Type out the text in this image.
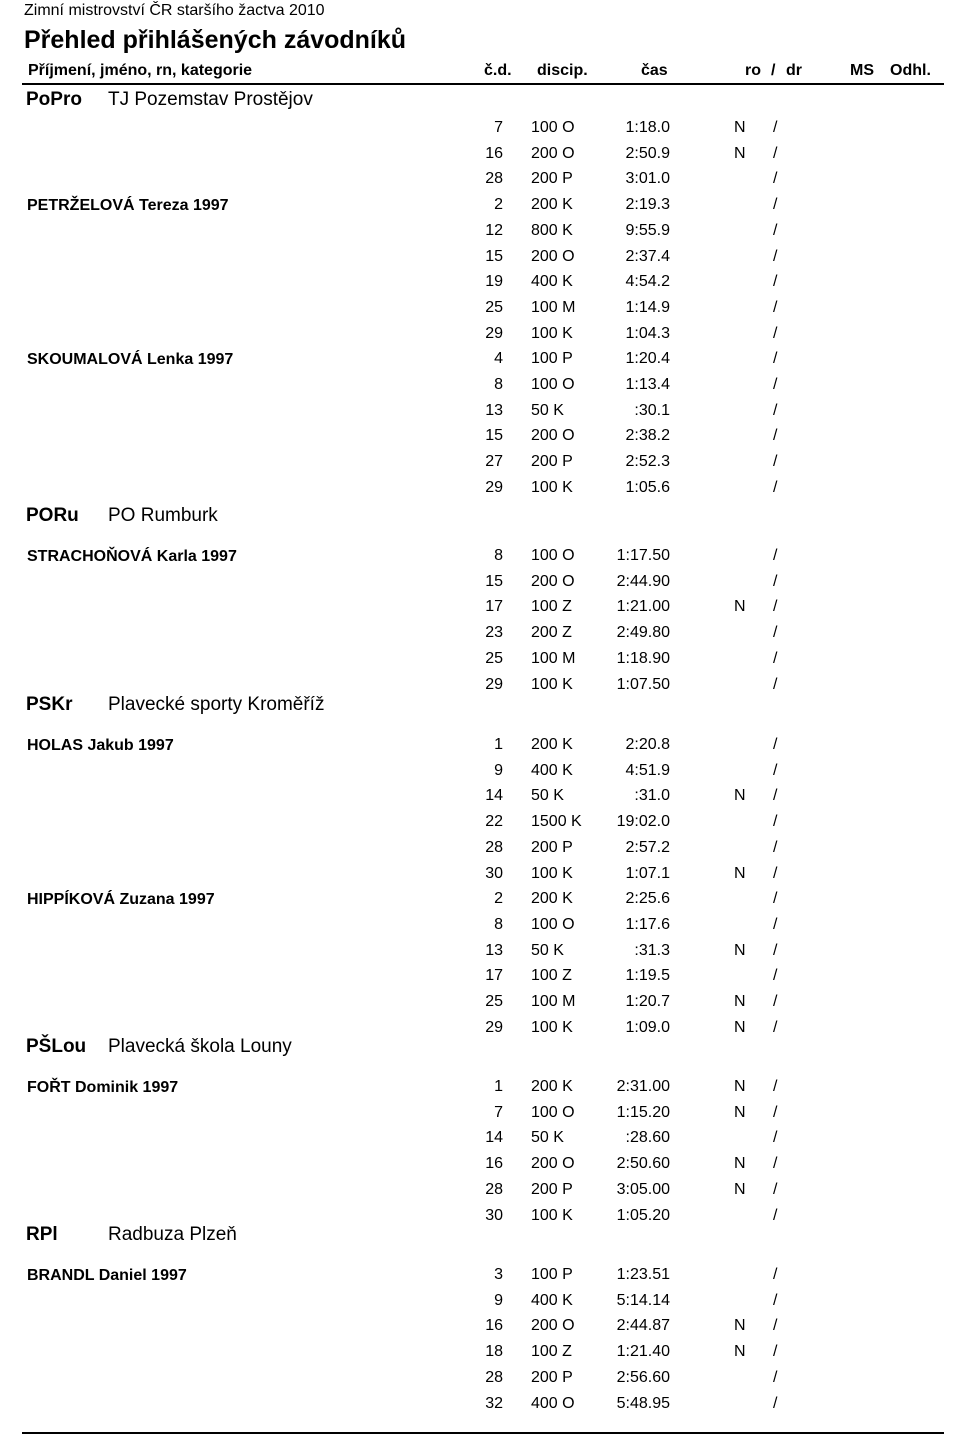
Zimní mistrovství ČR staršího žactva 2010
Přehled přihlášených závodníků
Příjmení, jméno, rn, kategorie	č.d. discip.	čas	ro / dr	MS Odhl.
PoPro TJ Pozemstav Prostějov
7 100 O	1:18.0	N /
16 200 O	2:50.9	N /
28 200 P	3:01.0	/
PETRŽELOVÁ Tereza 1997	2 200 K	2:19.3	/
12 800 K	9:55.9	/
15 200 O	2:37.4	/
19 400 K	4:54.2	/
25 100 M	1:14.9	/
29 100 K	1:04.3	/
SKOUMALOVÁ Lenka 1997	4 100 P	1:20.4	/
8 100 O	1:13.4	/
13 50 K	:30.1	/
15 200 O	2:38.2	/
27 200 P	2:52.3	/
29 100 K	1:05.6	/
PORu PO Rumburk
STRACHOŇOVÁ Karla 1997	8 100 O	1:17.50	/
15 200 O	2:44.90	/
17 100 Z	1:21.00	N /
23 200 Z	2:49.80	/
25 100 M	1:18.90	/
29 100 K	1:07.50	/
PSKr Plavecké sporty Kroměříž
HOLAS Jakub 1997	1 200 K	2:20.8	/
9 400 K	4:51.9	/
14 50 K	:31.0	N /
22 1500 K	19:02.0	/
28 200 P	2:57.2	/
30 100 K	1:07.1	N /
HIPPÍKOVÁ Zuzana 1997	2 200 K	2:25.6	/
8 100 O	1:17.6	/
13 50 K	:31.3	N /
17 100 Z	1:19.5	/
25 100 M	1:20.7	N /
29 100 K	1:09.0	N /
PŠLou Plavecká škola Louny
FOŘT Dominik 1997	1 200 K	2:31.00	N /
7 100 O	1:15.20	N /
14 50 K	:28.60	/
16 200 O	2:50.60	N /
28 200 P	3:05.00	N /
30 100 K	1:05.20	/
RPl	Radbuza Plzeň
BRANDL Daniel 1997	3 100 P	1:23.51	/
9 400 K	5:14.14	/
16 200 O	2:44.87	N /
18 100 Z	1:21.40	N /
28 200 P	2:56.60	/
32 400 O	5:48.95	/
